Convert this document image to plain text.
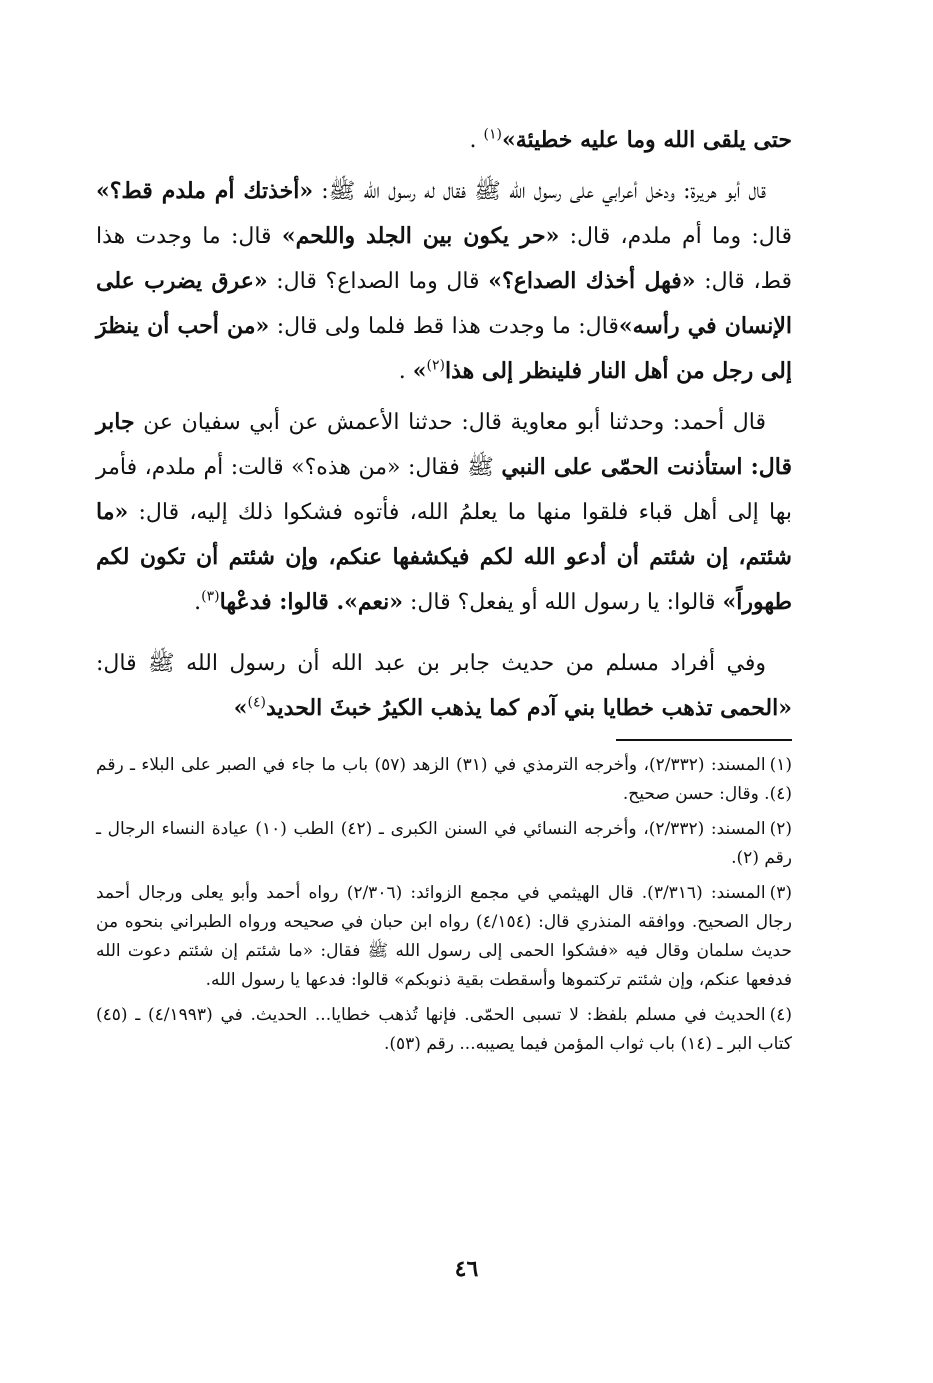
حتى يلقى الله وما عليه خطيئة»$^{(١)}$ .

قال أبو هريرة: ودخل أعرابي على رسول الله ﷺ فقال له رسول الله ﷺ: «أخذتك أم ملدم قط؟» قال: وما أم ملدم، قال: «حر يكون بين الجلد واللحم» قال: ما وجدت هذا قط، قال: «فهل أخذك الصداع؟» قال وما الصداع؟ قال: «عرق يضرب على الإنسان في رأسه»قال: ما وجدت هذا قط فلما ولى قال: «من أحب أن ينظرَ إلى رجل من أهل النار فلينظر إلى هذا$^{(٢)}$» .

قال أحمد: وحدثنا أبو معاوية قال: حدثنا الأعمش عن أبي سفيان عن جابر قال: استأذنت الحمّى على النبي ﷺ فقال: «من هذه؟» قالت: أم ملدم، فأمر بها إلى أهل قباء فلقوا منها ما يعلمُ الله، فأتوه فشكوا ذلك إليه، قال: «ما شئتم، إن شئتم أن أدعو الله لكم فيكشفها عنكم، وإن شئتم أن تكون لكم طهوراً» قالوا: يا رسول الله أو يفعل؟ قال: «نعم». قالوا: فدعْها$^{(٣)}$.

وفي أفراد مسلم من حديث جابر بن عبد الله أن رسول الله ﷺ قال: «الحمى تذهب خطايا بني آدم كما يذهب الكيرُ خبثَ الحديد$^{(٤)}$»

(١)المسند: (٢/٣٣٢)، وأخرجه الترمذي في (٣١) الزهد (٥٧) باب ما جاء في الصبر على البلاء ـ رقم (٤). وقال: حسن صحيح.

(٢)المسند: (٢/٣٣٢)، وأخرجه النسائي في السنن الكبرى ـ (٤٢) الطب (١٠) عيادة النساء الرجال ـ رقم (٢).

(٣)المسند: (٣/٣١٦). قال الهيثمي في مجمع الزوائد: (٢/٣٠٦) رواه أحمد وأبو يعلى ورجال أحمد رجال الصحيح. ووافقه المنذري قال: (٤/١٥٤) رواه ابن حبان في صحيحه ورواه الطبراني بنحوه من حديث سلمان وقال فيه «فشكوا الحمى إلى رسول الله ﷺ فقال: «ما شئتم إن شئتم دعوت الله فدفعها عنكم، وإن شئتم تركتموها وأسقطت بقية ذنوبكم» قالوا: فدعها يا رسول الله.

(٤)الحديث في مسلم بلفظ: لا تسبى الحمّى. فإنها تُذهب خطايا... الحديث. في (٤/١٩٩٣) ـ (٤٥) كتاب البر ـ (١٤) باب ثواب المؤمن فيما يصيبه... رقم (٥٣).

٤٦
